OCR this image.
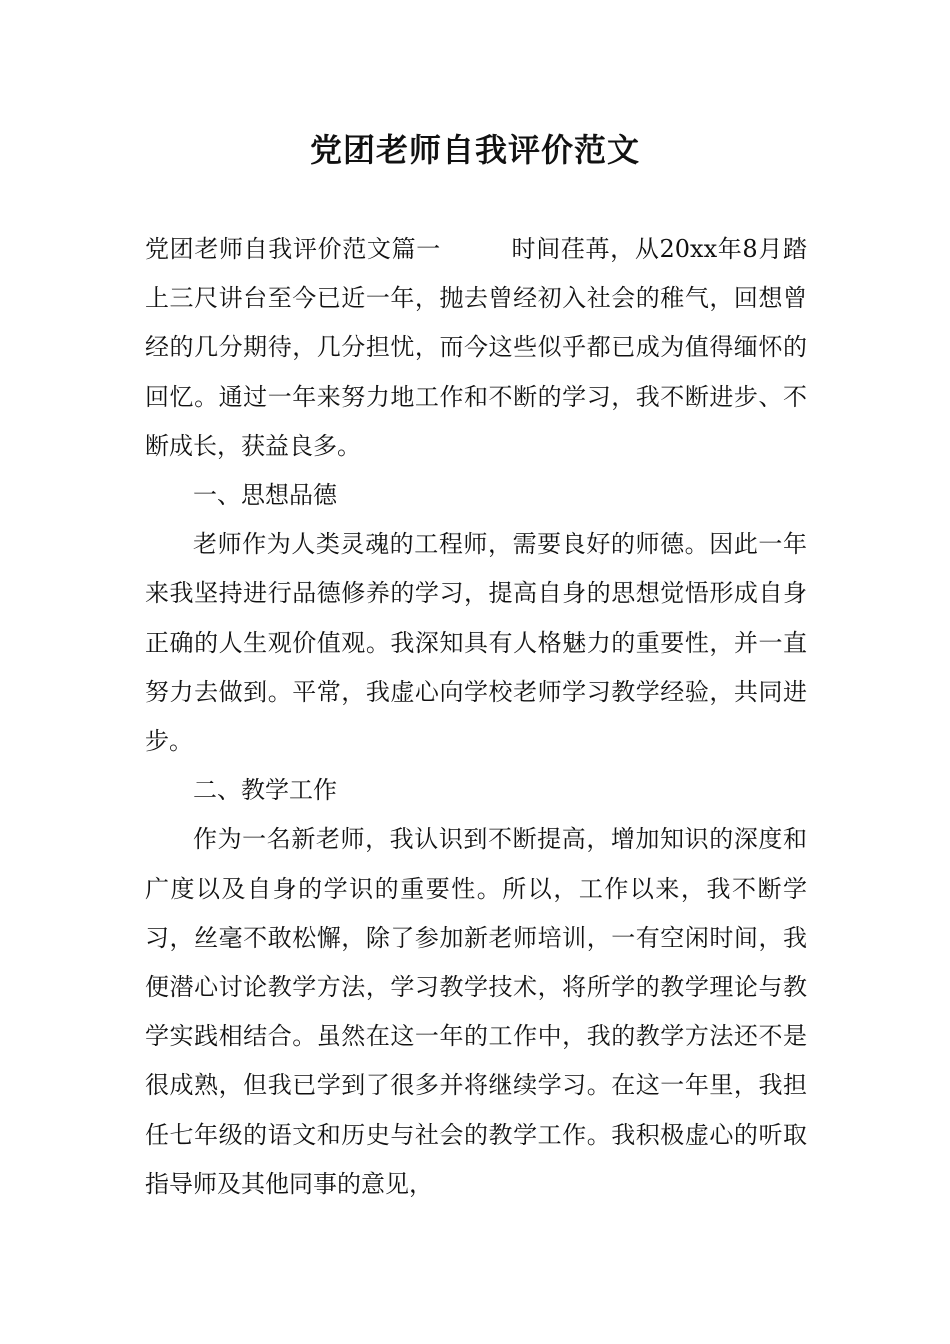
党团老师自我评价范文

党团老师自我评价范文篇一	时间荏苒，从20xx年8月踏上三尺讲台至今已近一年，抛去曾经初入社会的稚气，回想曾经的几分期待，几分担忧，而今这些似乎都已成为值得缅怀的回忆。通过一年来努力地工作和不断的学习，我不断进步、不断成长，获益良多。

一、思想品德

老师作为人类灵魂的工程师，需要良好的师德。因此一年来我坚持进行品德修养的学习，提高自身的思想觉悟形成自身正确的人生观价值观。我深知具有人格魅力的重要性，并一直努力去做到。平常，我虚心向学校老师学习教学经验，共同进步。

二、教学工作

作为一名新老师，我认识到不断提高，增加知识的深度和广度以及自身的学识的重要性。所以，工作以来，我不断学习，丝毫不敢松懈，除了参加新老师培训，一有空闲时间，我便潜心讨论教学方法，学习教学技术，将所学的教学理论与教学实践相结合。虽然在这一年的工作中，我的教学方法还不是很成熟，但我已学到了很多并将继续学习。在这一年里，我担任七年级的语文和历史与社会的教学工作。我积极虚心的听取指导师及其他同事的意见，
